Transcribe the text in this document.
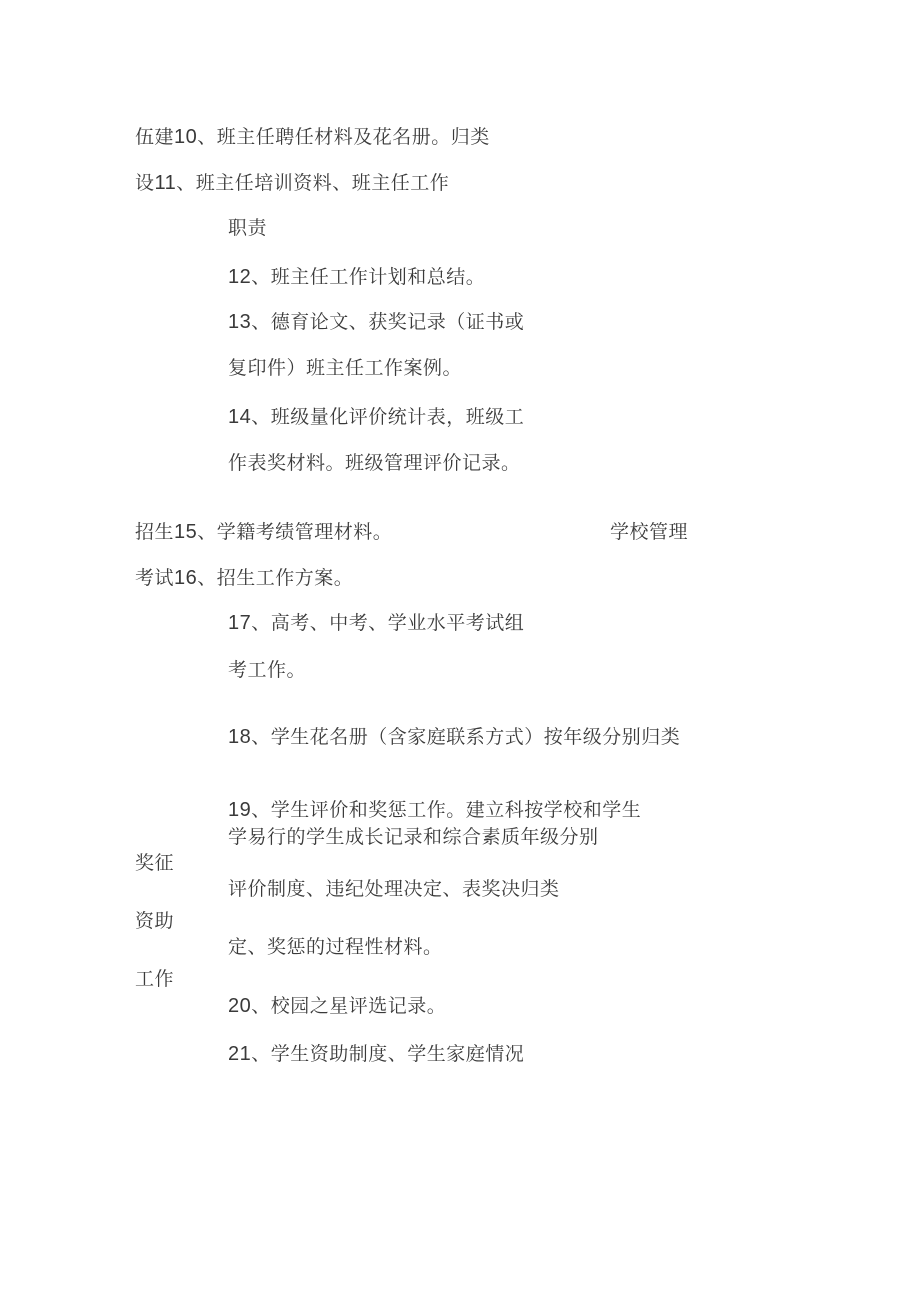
伍建10、班主任聘任材料及花名册。归类
设11、班主任培训资料、班主任工作
职责
12、班主任工作计划和总结。
13、德育论文、获奖记录（证书或
复印件）班主任工作案例。
14、班级量化评价统计表，班级工
作表奖材料。班级管理评价记录。
招生15、学籍考绩管理材料。	学校管理
考试16、招生工作方案。
17、高考、中考、学业水平考试组
考工作。
18、学生花名册（含家庭联系方式）按年级分别归类
19、学生评价和奖惩工作。建立科按学校和学生
学易行的学生成长记录和综合素质年级分别
奖征
评价制度、违纪处理决定、表奖决归类
资助
定、奖惩的过程性材料。
工作
20、校园之星评选记录。
21、学生资助制度、学生家庭情况
